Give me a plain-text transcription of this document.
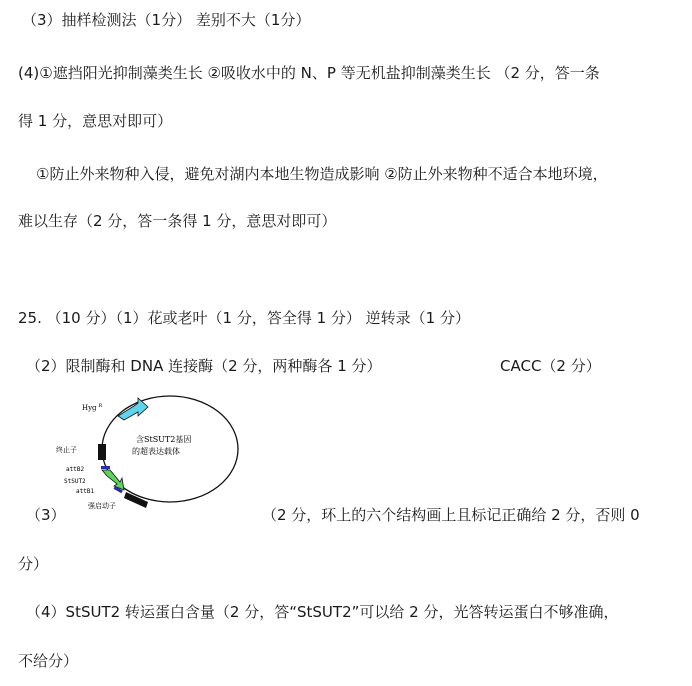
（3）抽样检测法（1分） 差别不大（1分）
(4)①遮挡阳光抑制藻类生长 ②吸收水中的 N、P 等无机盐抑制藻类生长 （2 分，答一条
得 1 分，意思对即可）
①防止外来物种入侵，避免对湖内本地生物造成影响 ②防止外来物种不适合本地环境，
难以生存（2 分，答一条得 1 分，意思对即可）
25. （10 分）（1）花或老叶（1 分，答全得 1 分） 逆转录（1 分）
（2）限制酶和 DNA 连接酶（2 分，两种酶各 1 分）	CACC（2 分）
（3）	（2 分，环上的六个结构画上且标记正确给 2 分，否则 0
分）
（4）StSUT2 转运蛋白含量（2 分，答“StSUT2”可以给 2 分，光答转运蛋白不够准确，
不给分）
Hyg $^R$
终止子
attB2
StSUT2
attB1
强启动子
含StSUT2基因
的超表达载体
